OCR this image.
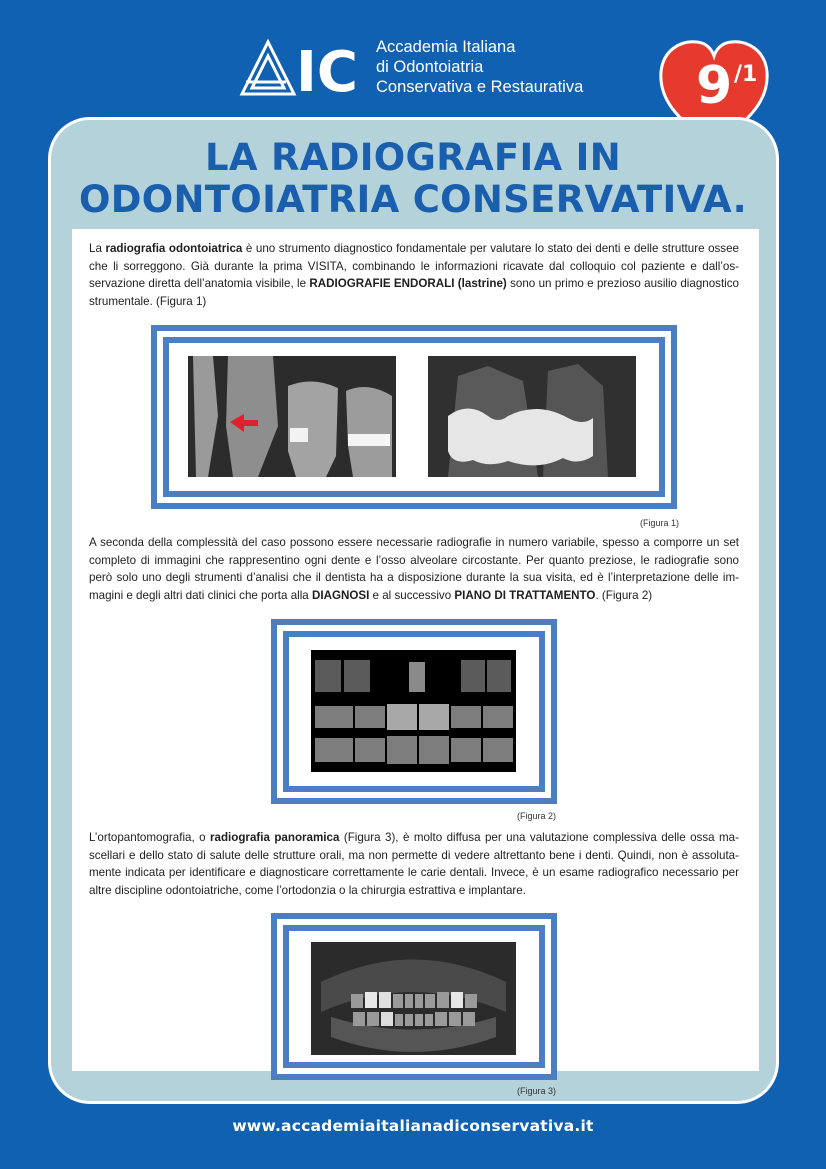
IC Accademia Italiana
di Odontoiatria
Conservativa e Restaurativa 9 /1
LA RADIOGRAFIA IN
ODONTOIATRIA CONSERVATIVA.
La radiografia odontoiatrica è uno strumento diagnostico fondamentale per valutare lo stato dei denti e delle strutture ossee che li sorreggono. Già durante la prima VISITA, combinando le informazioni ricavate dal colloquio col paziente e dall’os-servazione diretta dell’anatomia visibile, le RADIOGRAFIE ENDORALI (lastrine) sono un primo e prezioso ausilio diagnostico strumentale. (Figura 1)
(Figura 1)
A seconda della complessità del caso possono essere necessarie radiografie in numero variabile, spesso a comporre un set completo di immagini che rappresentino ogni dente e l’osso alveolare circostante. Per quanto preziose, le radiografie sono però solo uno degli strumenti d’analisi che il dentista ha a disposizione durante la sua visita, ed è l’interpretazione delle im-magini e degli altri dati clinici che porta alla DIAGNOSI e al successivo PIANO DI TRATTAMENTO. (Figura 2)
(Figura 2)
L’ortopantomografia, o radiografia panoramica (Figura 3), è molto diffusa per una valutazione complessiva delle ossa ma-scellari e dello stato di salute delle strutture orali, ma non permette di vedere altrettanto bene i denti. Quindi, non è assoluta-mente indicata per identificare e diagnosticare correttamente le carie dentali. Invece, è un esame radiografico necessario per altre discipline odontoiatriche, come l’ortodonzia o la chirurgia estrattiva e implantare.
(Figura 3)
www.accademiaitalianadiconservativa.it
